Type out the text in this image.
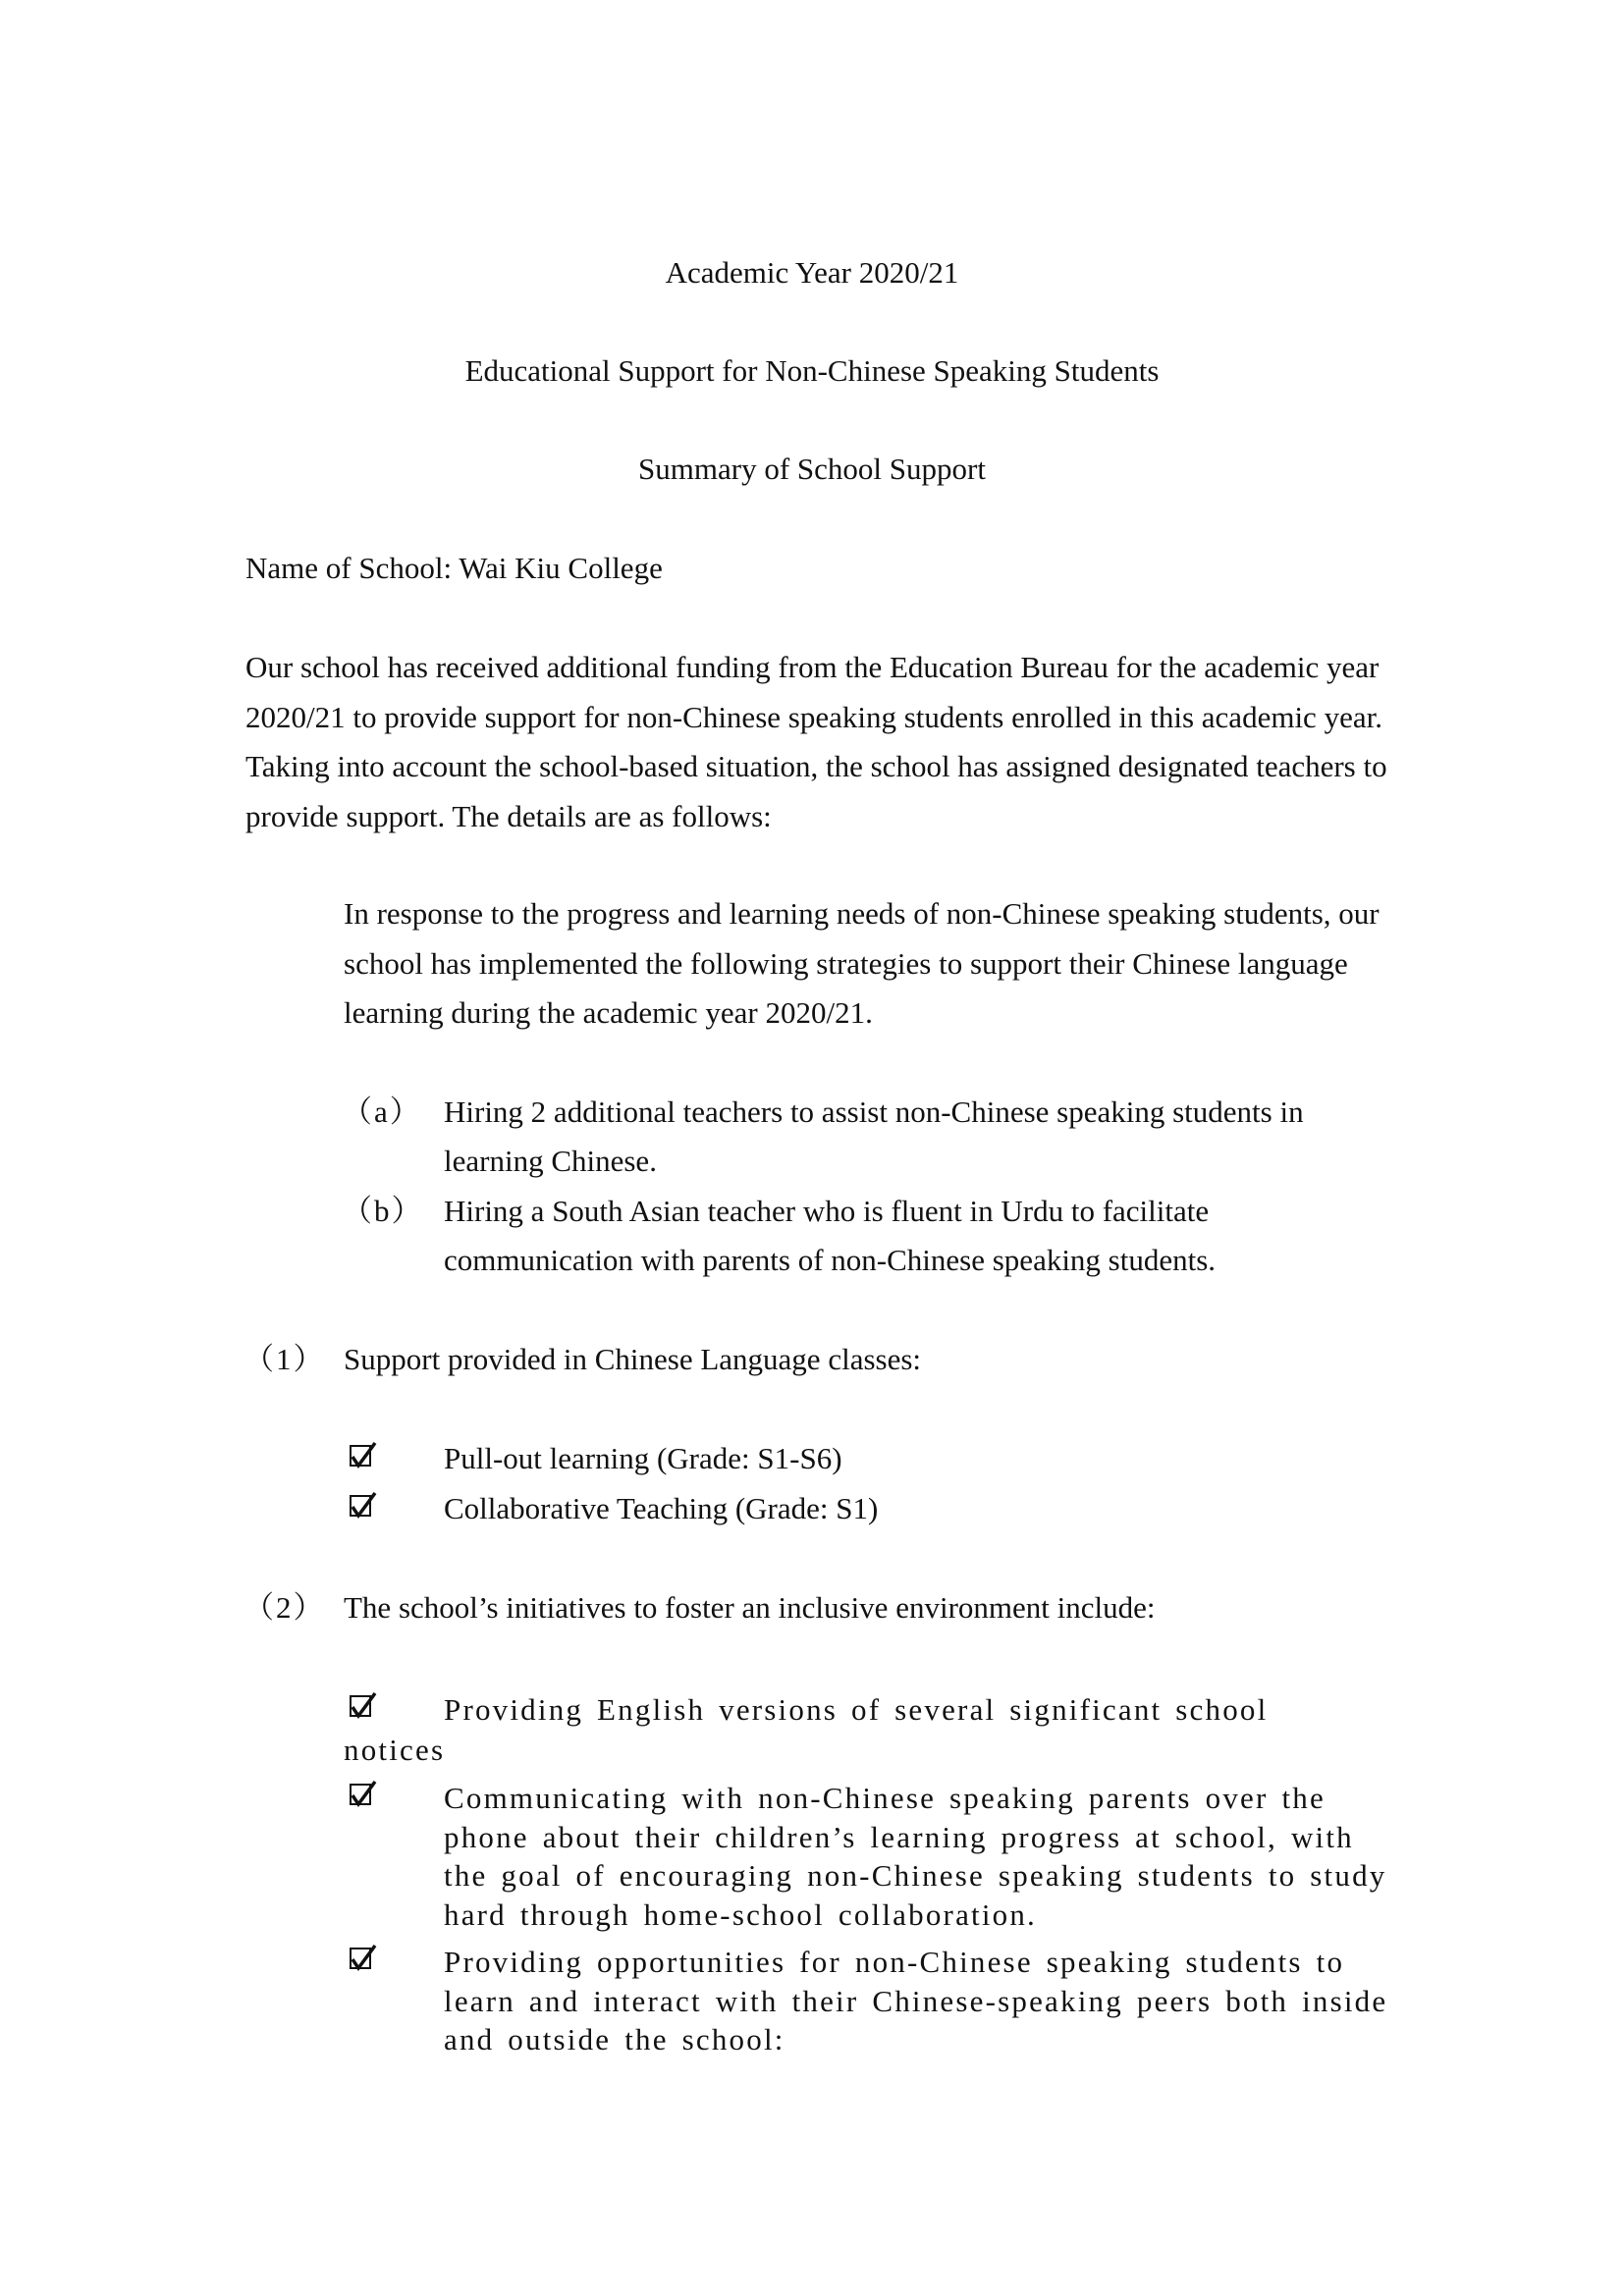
Academic Year 2020/21
Educational Support for Non-Chinese Speaking Students
Summary of School Support
Name of School: Wai Kiu College
Our school has received additional funding from the Education Bureau for the academic year 2020/21 to provide support for non-Chinese speaking students enrolled in this academic year. Taking into account the school-based situation, the school has assigned designated teachers to provide support. The details are as follows:
In response to the progress and learning needs of non-Chinese speaking students, our school has implemented the following strategies to support their Chinese language learning during the academic year 2020/21.
（a） Hiring 2 additional teachers to assist non-Chinese speaking students in learning Chinese.
（b） Hiring a South Asian teacher who is fluent in Urdu to facilitate communication with parents of non-Chinese speaking students.
（1） Support provided in Chinese Language classes:
Pull-out learning (Grade: S1-S6)
Collaborative Teaching (Grade: S1)
（2） The school’s initiatives to foster an inclusive environment include:
Providing English versions of several significant school
notices
Communicating with non-Chinese speaking parents over the phone about their children’s learning progress at school, with the goal of encouraging non-Chinese speaking students to study hard through home-school collaboration.
Providing opportunities for non-Chinese speaking students to learn and interact with their Chinese-speaking peers both inside and outside the school:
